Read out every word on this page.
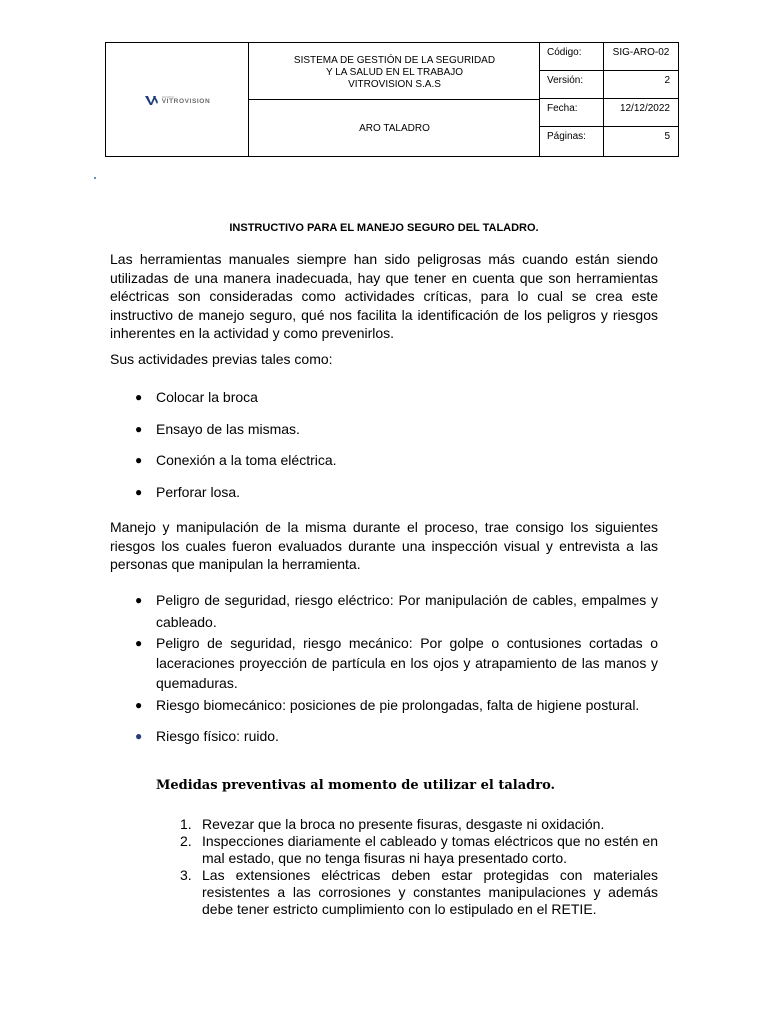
GRUPO
VITROVISION
SISTEMA DE GESTIÓN DE LA SEGURIDAD
Y LA SALUD EN EL TRABAJO
VITROVISION S.A.S
ARO TALADRO
Código:	SIG-ARO-02
Versión:	2
Fecha:	12/12/2022
Páginas:	5
INSTRUCTIVO PARA EL MANEJO SEGURO DEL TALADRO.

Las herramientas manuales siempre han sido peligrosas más cuando están siendo utilizadas de una manera inadecuada, hay que tener en cuenta que son herramientas eléctricas son consideradas como actividades críticas, para lo cual se crea este instructivo de manejo seguro, qué nos facilita la identificación de los peligros y riesgos inherentes en la actividad y como prevenirlos.

Sus actividades previas tales como:

● Colocar la broca
● Ensayo de las mismas.
● Conexión a la toma eléctrica.
● Perforar losa.

Manejo y manipulación de la misma durante el proceso, trae consigo los siguientes riesgos los cuales fueron evaluados durante una inspección visual y entrevista a las personas que manipulan la herramienta.

● Peligro de seguridad, riesgo eléctrico: Por manipulación de cables, empalmes y cableado.
● Peligro de seguridad, riesgo mecánico: Por golpe o contusiones cortadas o laceraciones proyección de partícula en los ojos y atrapamiento de las manos y quemaduras.
● Riesgo biomecánico: posiciones de pie prolongadas, falta de higiene postural.
● Riesgo físico: ruido.
Medidas preventivas al momento de utilizar el taladro.
1. Revezar que la broca no presente fisuras, desgaste ni oxidación.
2. Inspecciones diariamente el cableado y tomas eléctricos que no estén en mal estado, que no tenga fisuras ni haya presentado corto.
3. Las extensiones eléctricas deben estar protegidas con materiales resistentes a las corrosiones y constantes manipulaciones y además debe tener estricto cumplimiento con lo estipulado en el RETIE.
